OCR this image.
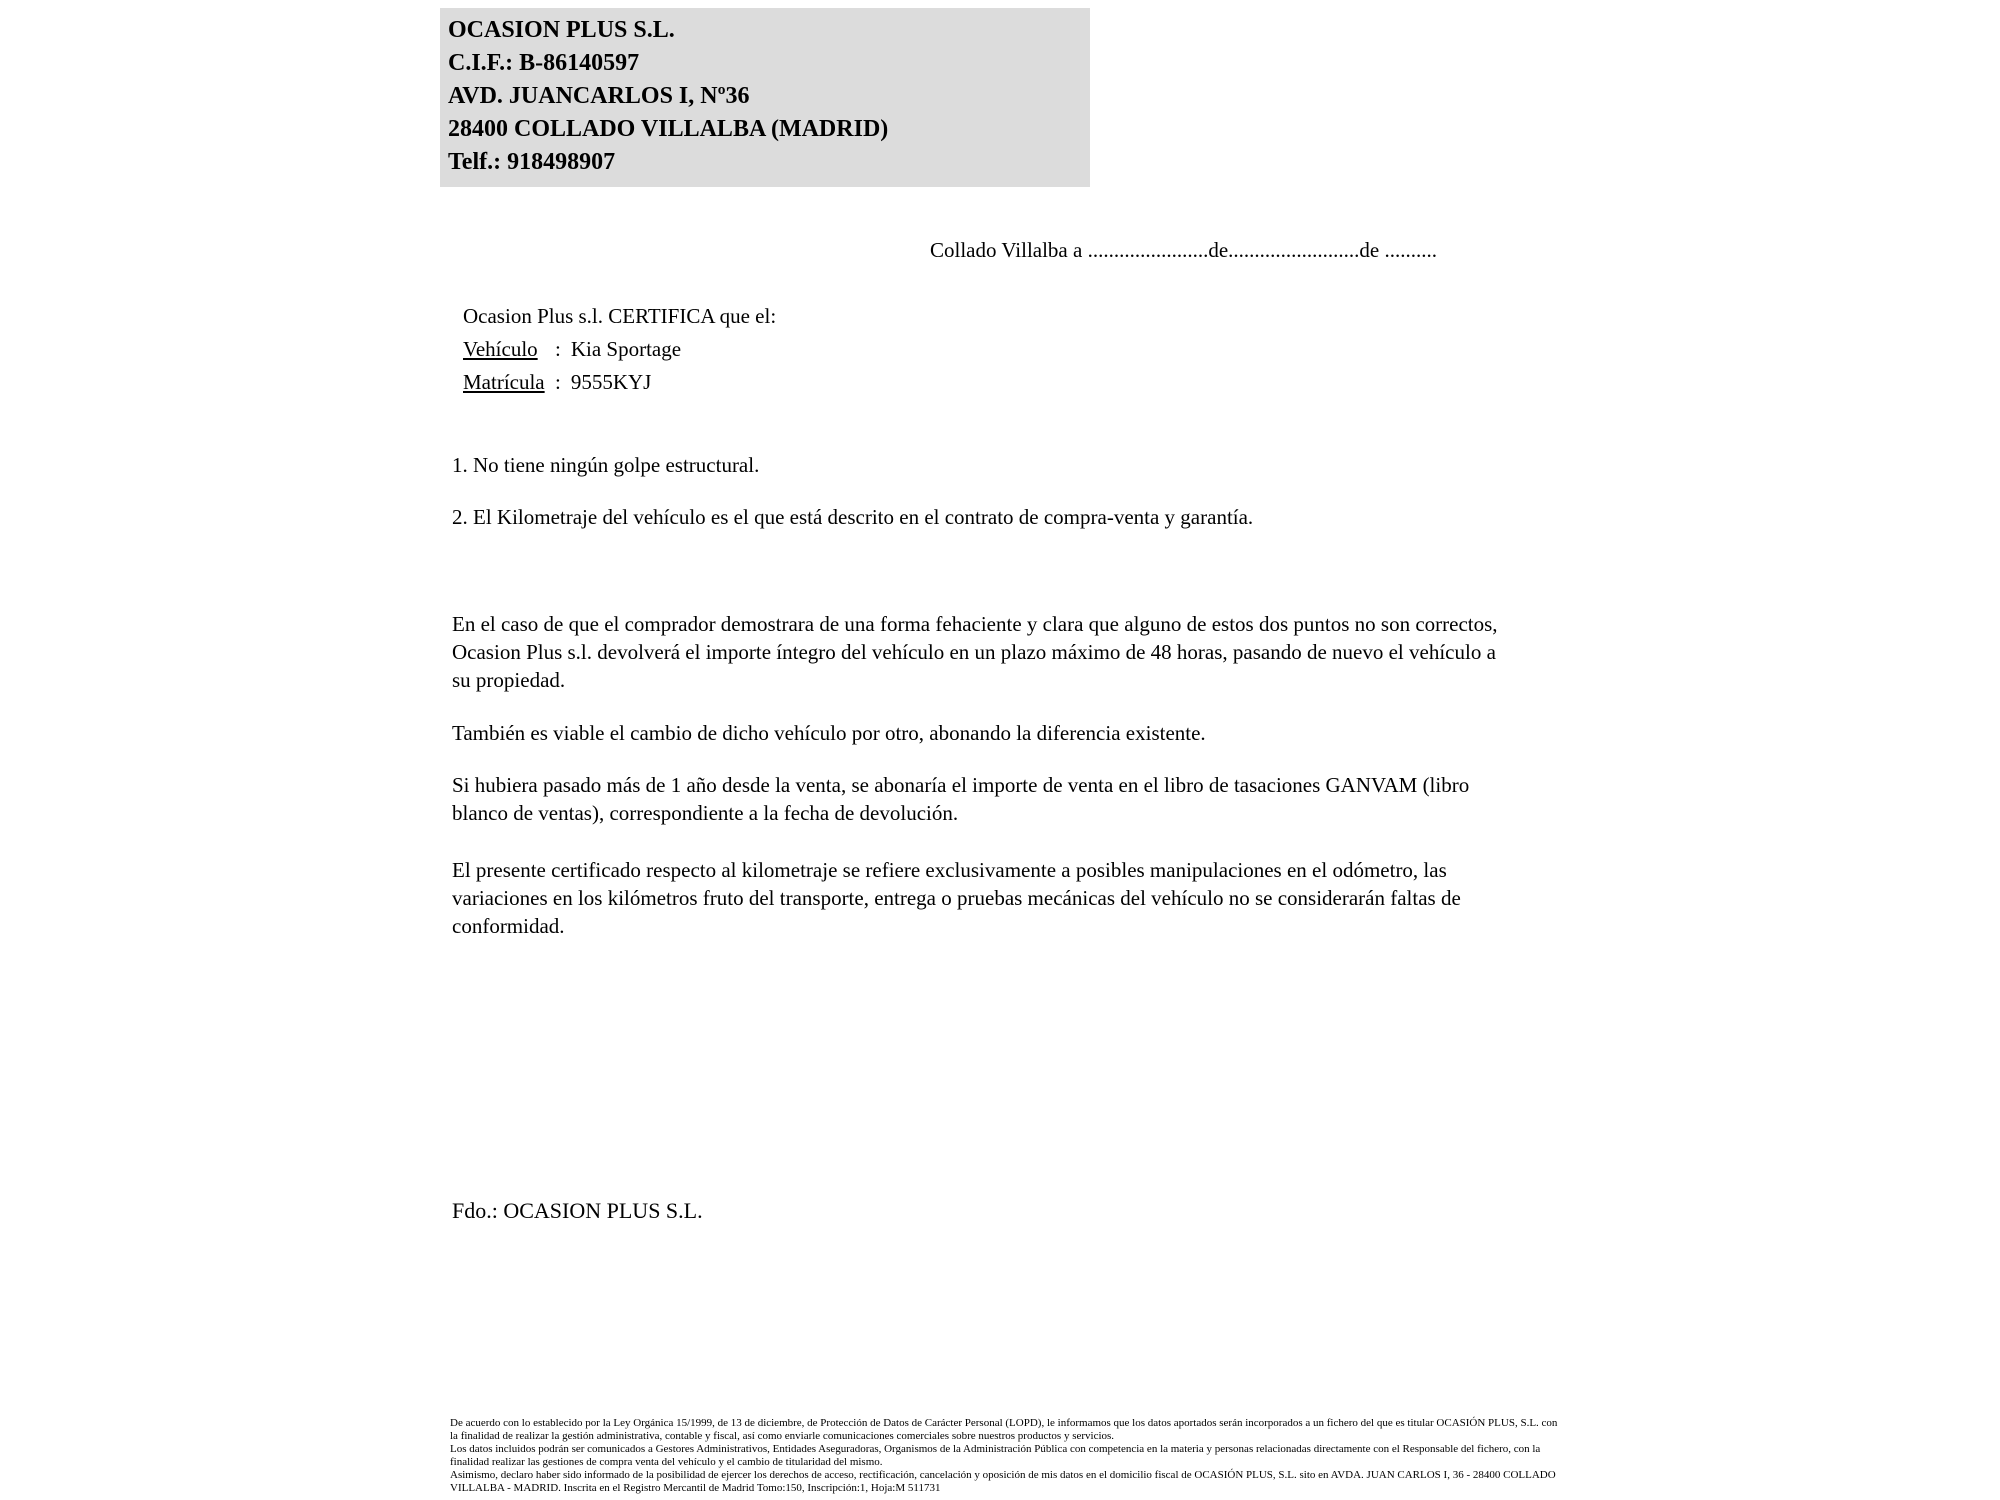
OCASION PLUS S.L.
C.I.F.: B-86140597
AVD. JUANCARLOS I, Nº36
28400 COLLADO VILLALBA (MADRID)
Telf.: 918498907
Collado Villalba a .......................de.........................de ..........
Ocasion Plus s.l. CERTIFICA que el:
Vehículo : Kia Sportage
Matrícula : 9555KYJ
1. No tiene ningún golpe estructural.
2. El Kilometraje del vehículo es el que está descrito en el contrato de compra-venta y garantía.
En el caso de que el comprador demostrara de una forma fehaciente y clara que alguno de estos dos puntos no son correctos, Ocasion Plus s.l. devolverá el importe íntegro del vehículo en un plazo máximo de 48 horas, pasando de nuevo el vehículo a su propiedad.
También es viable el cambio de dicho vehículo por otro, abonando la diferencia existente.
Si hubiera pasado más de 1 año desde la venta, se abonaría el importe de venta en el libro de tasaciones GANVAM (libro blanco de ventas), correspondiente a la fecha de devolución.
El presente certificado respecto al kilometraje se refiere exclusivamente a posibles manipulaciones en el odómetro, las variaciones en los kilómetros fruto del transporte, entrega o pruebas mecánicas del vehículo no se considerarán faltas de conformidad.
Fdo.: OCASION PLUS S.L.
De acuerdo con lo establecido por la Ley Orgánica 15/1999, de 13 de diciembre, de Protección de Datos de Carácter Personal (LOPD), le informamos que los datos aportados serán incorporados a un fichero del que es titular OCASIÓN PLUS, S.L. con la finalidad de realizar la gestión administrativa, contable y fiscal, así como enviarle comunicaciones comerciales sobre nuestros productos y servicios.
Los datos incluidos podrán ser comunicados a Gestores Administrativos, Entidades Aseguradoras, Organismos de la Administración Pública con competencia en la materia y personas relacionadas directamente con el Responsable del fichero, con la finalidad realizar las gestiones de compra venta del vehículo y el cambio de titularidad del mismo.
Asimismo, declaro haber sido informado de la posibilidad de ejercer los derechos de acceso, rectificación, cancelación y oposición de mis datos en el domicilio fiscal de OCASIÓN PLUS, S.L. sito en AVDA. JUAN CARLOS I, 36 - 28400 COLLADO VILLALBA - MADRID. Inscrita en el Registro Mercantil de Madrid Tomo:150, Inscripción:1, Hoja:M 511731
